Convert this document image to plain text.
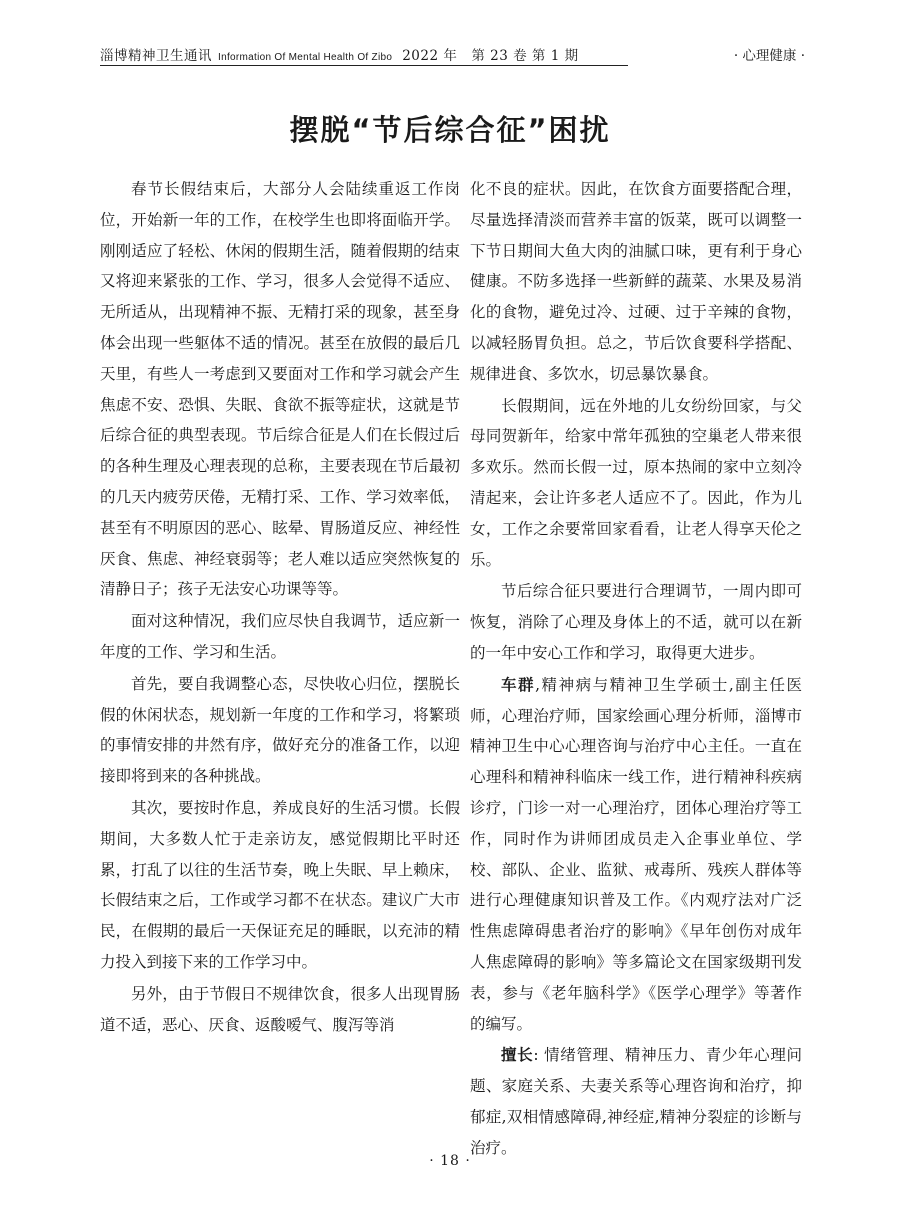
淄博精神卫生通讯 Information Of Mental Health Of Zibo 2022 年　第 23 卷 第 1 期	· 心理健康 ·
摆脱“节后综合征”困扰

春节长假结束后，大部分人会陆续重返工作岗位，开始新一年的工作，在校学生也即将面临开学。刚刚适应了轻松、休闲的假期生活，随着假期的结束又将迎来紧张的工作、学习，很多人会觉得不适应、无所适从，出现精神不振、无精打采的现象，甚至身体会出现一些躯体不适的情况。甚至在放假的最后几天里，有些人一考虑到又要面对工作和学习就会产生焦虑不安、恐惧、失眠、食欲不振等症状，这就是节后综合征的典型表现。节后综合征是人们在长假过后的各种生理及心理表现的总称，主要表现在节后最初的几天内疲劳厌倦，无精打采、工作、学习效率低，甚至有不明原因的恶心、眩晕、胃肠道反应、神经性厌食、焦虑、神经衰弱等；老人难以适应突然恢复的清静日子；孩子无法安心功课等等。

面对这种情况，我们应尽快自我调节，适应新一年度的工作、学习和生活。

首先，要自我调整心态，尽快收心归位，摆脱长假的休闲状态，规划新一年度的工作和学习，将繁琐的事情安排的井然有序，做好充分的准备工作，以迎接即将到来的各种挑战。

其次，要按时作息，养成良好的生活习惯。长假期间，大多数人忙于走亲访友，感觉假期比平时还累，打乱了以往的生活节奏，晚上失眠、早上赖床，长假结束之后，工作或学习都不在状态。建议广大市民，在假期的最后一天保证充足的睡眠，以充沛的精力投入到接下来的工作学习中。

另外，由于节假日不规律饮食，很多人出现胃肠道不适，恶心、厌食、返酸嗳气、腹泻等消

化不良的症状。因此，在饮食方面要搭配合理，尽量选择清淡而营养丰富的饭菜，既可以调整一下节日期间大鱼大肉的油腻口味，更有利于身心健康。不防多选择一些新鲜的蔬菜、水果及易消化的食物，避免过冷、过硬、过于辛辣的食物，以减轻肠胃负担。总之，节后饮食要科学搭配、规律进食、多饮水，切忌暴饮暴食。

长假期间，远在外地的儿女纷纷回家，与父母同贺新年，给家中常年孤独的空巢老人带来很多欢乐。然而长假一过，原本热闹的家中立刻冷清起来，会让许多老人适应不了。因此，作为儿女，工作之余要常回家看看，让老人得享天伦之乐。

节后综合征只要进行合理调节，一周内即可恢复，消除了心理及身体上的不适，就可以在新的一年中安心工作和学习，取得更大进步。

车群,精神病与精神卫生学硕士,副主任医师，心理治疗师，国家绘画心理分析师，淄博市精神卫生中心心理咨询与治疗中心主任。一直在心理科和精神科临床一线工作，进行精神科疾病诊疗，门诊一对一心理治疗，团体心理治疗等工作，同时作为讲师团成员走入企事业单位、学校、部队、企业、监狱、戒毒所、残疾人群体等进行心理健康知识普及工作。《内观疗法对广泛性焦虑障碍患者治疗的影响》《早年创伤对成年人焦虑障碍的影响》等多篇论文在国家级期刊发表，参与《老年脑科学》《医学心理学》等著作的编写。

擅长: 情绪管理、精神压力、青少年心理问题、家庭关系、夫妻关系等心理咨询和治疗，抑郁症,双相情感障碍,神经症,精神分裂症的诊断与治疗。

· 18 ·
